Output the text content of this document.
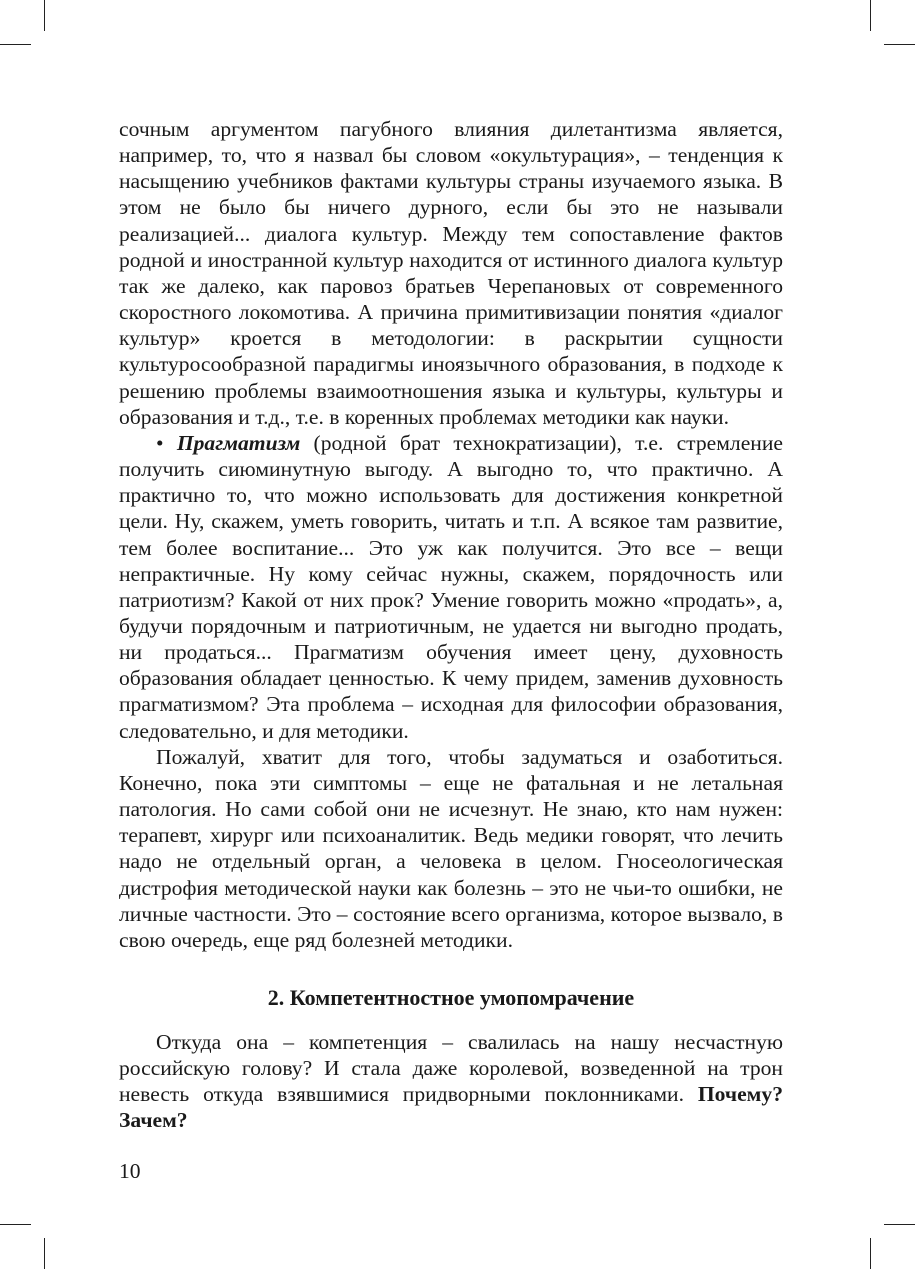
сочным аргументом пагубного влияния дилетантизма является, например, то, что я назвал бы словом «окультурация», – тенденция к насыщению учебников фактами культуры страны изучаемого языка. В этом не было бы ничего дурного, если бы это не называли реализацией... диалога культур. Между тем сопоставление фактов родной и иностранной культур находится от истинного диалога культур так же далеко, как паровоз братьев Черепановых от современного скоростного локомотива. А причина примитивизации понятия «диалог культур» кроется в методологии: в раскрытии сущности культуросообразной парадигмы иноязычного образования, в подходе к решению проблемы взаимоотношения языка и культуры, культуры и образования и т.д., т.е. в коренных проблемах методики как науки.

• Прагматизм (родной брат технократизации), т.е. стремление получить сиюминутную выгоду. А выгодно то, что практично. А практично то, что можно использовать для достижения конкретной цели. Ну, скажем, уметь говорить, читать и т.п. А всякое там развитие, тем более воспитание... Это уж как получится. Это все – вещи непрактичные. Ну кому сейчас нужны, скажем, порядочность или патриотизм? Какой от них прок? Умение говорить можно «продать», а, будучи порядочным и патриотичным, не удается ни выгодно продать, ни продаться... Прагматизм обучения имеет цену, духовность образования обладает ценностью. К чему придем, заменив духовность прагматизмом? Эта проблема – исходная для философии образования, следовательно, и для методики.

Пожалуй, хватит для того, чтобы задуматься и озаботиться. Конечно, пока эти симптомы – еще не фатальная и не летальная патология. Но сами собой они не исчезнут. Не знаю, кто нам нужен: терапевт, хирург или психоаналитик. Ведь медики говорят, что лечить надо не отдельный орган, а человека в целом. Гносеологическая дистрофия методической науки как болезнь – это не чьи-то ошибки, не личные частности. Это – состояние всего организма, которое вызвало, в свою очередь, еще ряд болезней методики.

2. Компетентностное умопомрачение

Откуда она – компетенция – свалилась на нашу несчастную российскую голову? И стала даже королевой, возведенной на трон невесть откуда взявшимися придворными поклонниками. Почему? Зачем?

10
